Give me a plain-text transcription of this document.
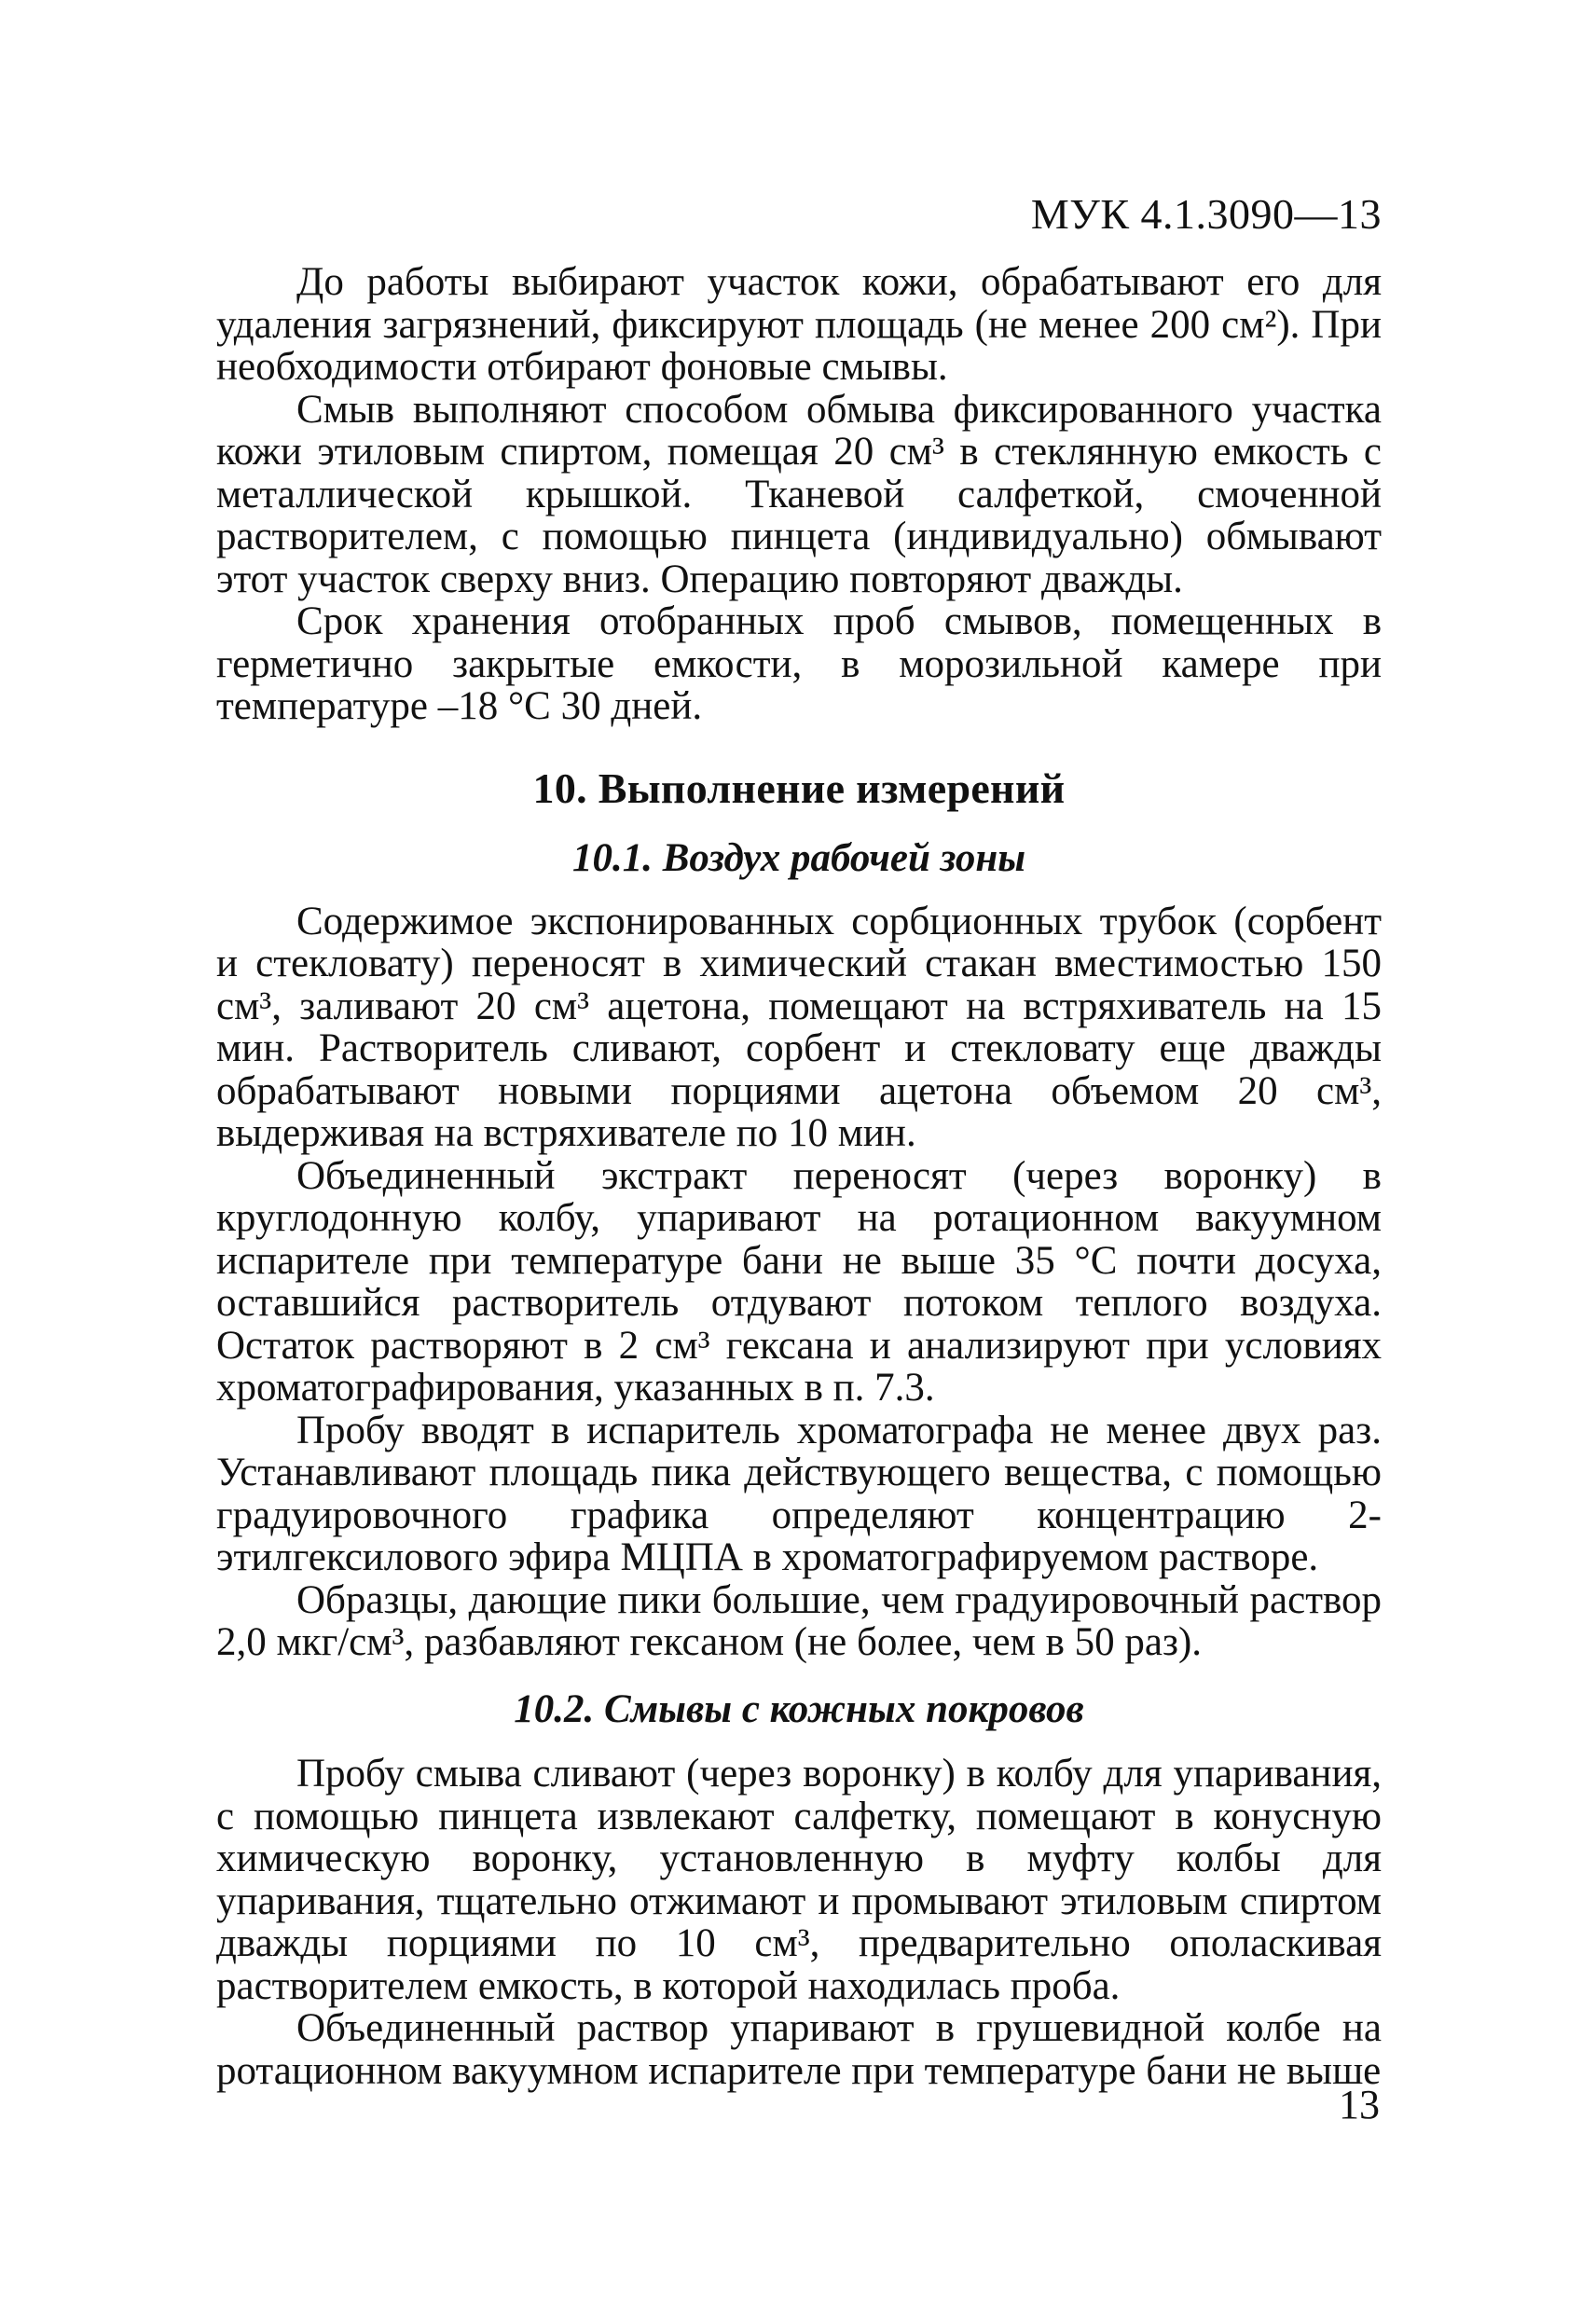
МУК 4.1.3090—13

До работы выбирают участок кожи, обрабатывают его для удаления загрязнений, фиксируют площадь (не менее 200 см²). При необходимости отбирают фоновые смывы.

Смыв выполняют способом обмыва фиксированного участка кожи этиловым спиртом, помещая 20 см³ в стеклянную емкость с металлической крышкой. Тканевой салфеткой, смоченной растворителем, с помощью пинцета (индивидуально) обмывают этот участок сверху вниз. Операцию повторяют дважды.

Срок хранения отобранных проб смывов, помещенных в герметично закрытые емкости, в морозильной камере при температуре –18 °С 30 дней.

10. Выполнение измерений
10.1. Воздух рабочей зоны

Содержимое экспонированных сорбционных трубок (сорбент и стекловату) переносят в химический стакан вместимостью 150 см³, заливают 20 см³ ацетона, помещают на встряхиватель на 15 мин. Растворитель сливают, сорбент и стекловату еще дважды обрабатывают новыми порциями ацетона объемом 20 см³, выдерживая на встряхивателе по 10 мин.

Объединенный экстракт переносят (через воронку) в круглодонную колбу, упаривают на ротационном вакуумном испарителе при температуре бани не выше 35 °С почти досуха, оставшийся растворитель отдувают потоком теплого воздуха. Остаток растворяют в 2 см³ гексана и анализируют при условиях хроматографирования, указанных в п. 7.3.

Пробу вводят в испаритель хроматографа не менее двух раз. Устанавливают площадь пика действующего вещества, с помощью градуировочного графика определяют концентрацию 2-этилгексилового эфира МЦПА в хроматографируемом растворе.

Образцы, дающие пики большие, чем градуировочный раствор 2,0 мкг/см³, разбавляют гексаном (не более, чем в 50 раз).

10.2. Смывы с кожных покровов

Пробу смыва сливают (через воронку) в колбу для упаривания, с помощью пинцета извлекают салфетку, помещают в конусную химическую воронку, установленную в муфту колбы для упаривания, тщательно отжимают и промывают этиловым спиртом дважды порциями по 10 см³, предварительно ополаскивая растворителем емкость, в которой находилась проба.

Объединенный раствор упаривают в грушевидной колбе на ротационном вакуумном испарителе при температуре бани не выше

13
